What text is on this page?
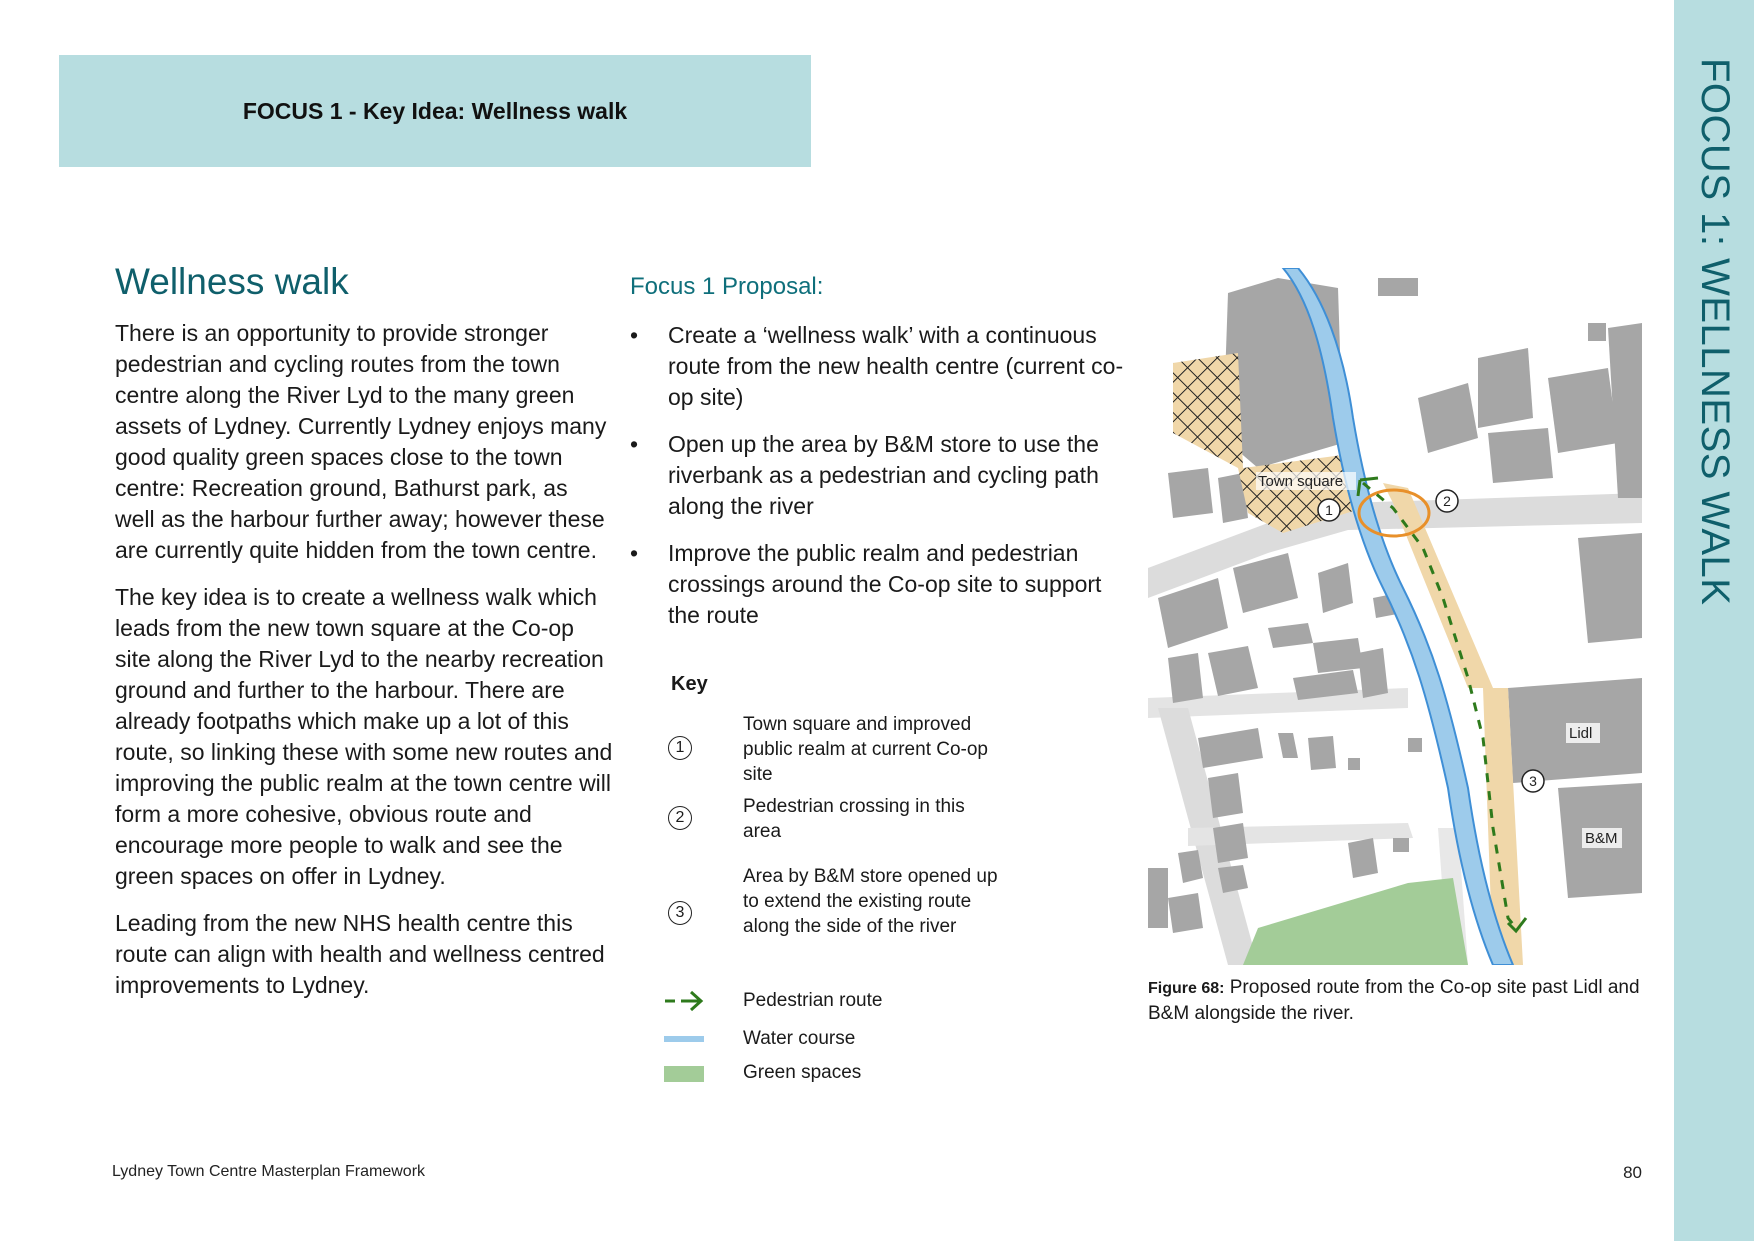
FOCUS 1: WELLNESS WALK
FOCUS 1 - Key Idea: Wellness walk
Wellness walk

There is an opportunity to provide stronger pedestrian and cycling routes from the town centre along the River Lyd to the many green assets of Lydney. Currently Lydney enjoys many good quality green spaces close to the town centre: Recreation ground, Bathurst park, as well as the harbour further away; however these are currently quite hidden from the town centre.

The key idea is to create a wellness walk which leads from the new town square at the Co-op site along the River Lyd to the nearby recreation ground and further to the harbour. There are already footpaths which make up a lot of this route, so linking these with some new routes and improving the public realm at the town centre will form a more cohesive, obvious route and encourage more people to walk and see the green spaces on offer in Lydney.

Leading from the new NHS health centre this route can align with health and wellness centred improvements to Lydney.

Focus 1 Proposal:
• Create a ‘wellness walk’ with a continuous route from the new health centre (current co-op site)
• Open up the area by B&M store to use the riverbank as a pedestrian and cycling path along the river
• Improve the public realm and pedestrian crossings around the Co-op site to support the route
Key
1
Town square and improved public realm at current Co-op site
2
Pedestrian crossing in this area
3
Area by B&M store opened up to extend the existing route along the side of the river
Pedestrian route
Water course
Green spaces
Town square
Lidl
B&M
1
2
3
Figure 68: Proposed route from the Co-op site past Lidl and B&M alongside the river.
Lydney Town Centre Masterplan Framework	80
